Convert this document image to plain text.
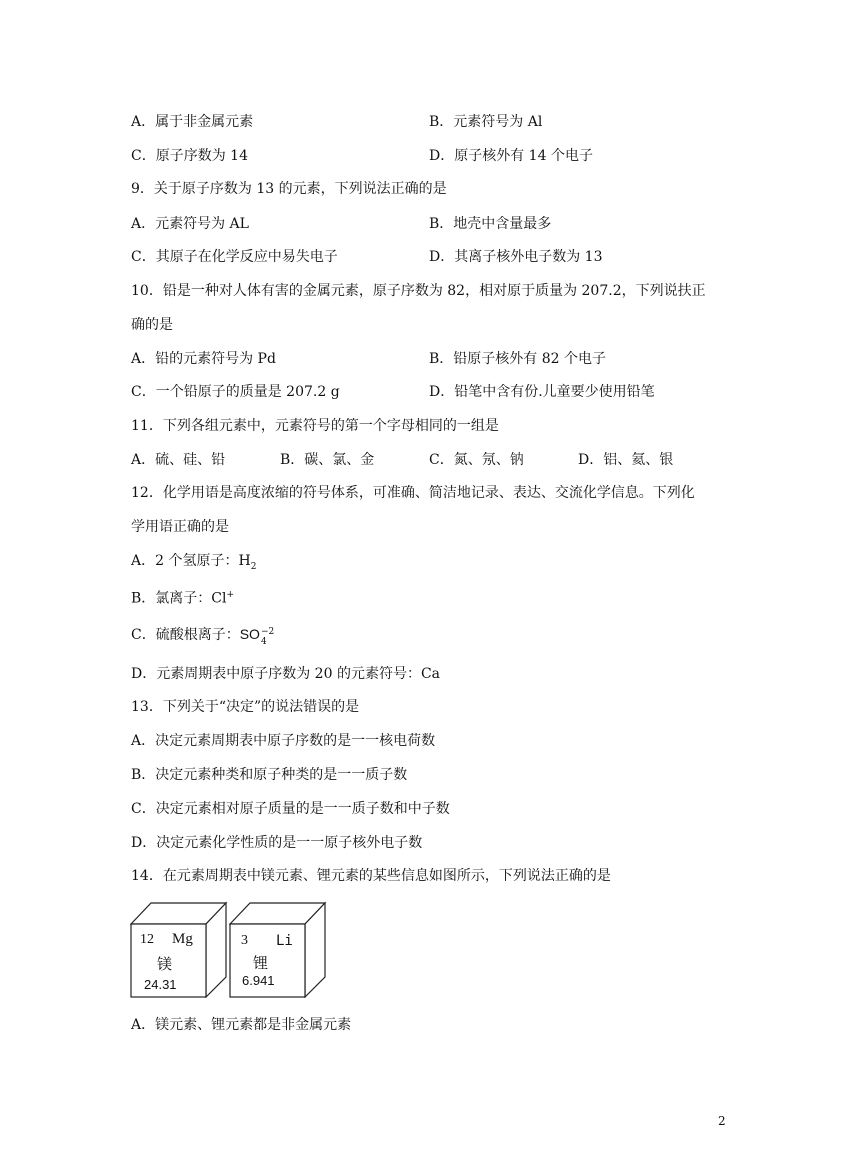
A．属于非金属元素	B．元素符号为 Al
C．原子序数为 14	D．原子核外有 14 个电子
9．关于原子序数为 13 的元素，下列说法正确的是
A．元素符号为 AL	B．地壳中含量最多
C．其原子在化学反应中易失电子	D．其离子核外电子数为 13
10．铅是一种对人体有害的金属元素，原子序数为 82，相对原于质量为 207.2，下列说扶正
确的是
A．铅的元素符号为 Pd	B．铅原子核外有 82 个电子
C．一个铅原子的质量是 207.2 g	D．铅笔中含有份.儿童要少使用铅笔
11．下列各组元素中，元素符号的第一个字母相同的一组是
A．硫、硅、铅	B．碳、氯、金	C．氮、氖、钠	D．铝、氦、银
12．化学用语是高度浓缩的符号体系，可准确、简洁地记录、表达、交流化学信息。下列化
学用语正确的是
A．2 个氢原子：$H_2$
B．氯离子：Cl+
C．硫酸根离子：SO −2
4
D．元素周期表中原子序数为 20 的元素符号：Ca
13．下列关于“决定”的说法错误的是
A．决定元素周期表中原子序数的是一一核电荷数
B．决定元素种类和原子种类的是一一质子数
C．决定元素相对原子质量的是一一质子数和中子数
D．决定元素化学性质的是一一原子核外电子数
14．在元素周期表中镁元素、锂元素的某些信息如图所示，下列说法正确的是
12 Mg
镁
24.31
3 Li
锂
6.941
A．镁元素、锂元素都是非金属元素
2
